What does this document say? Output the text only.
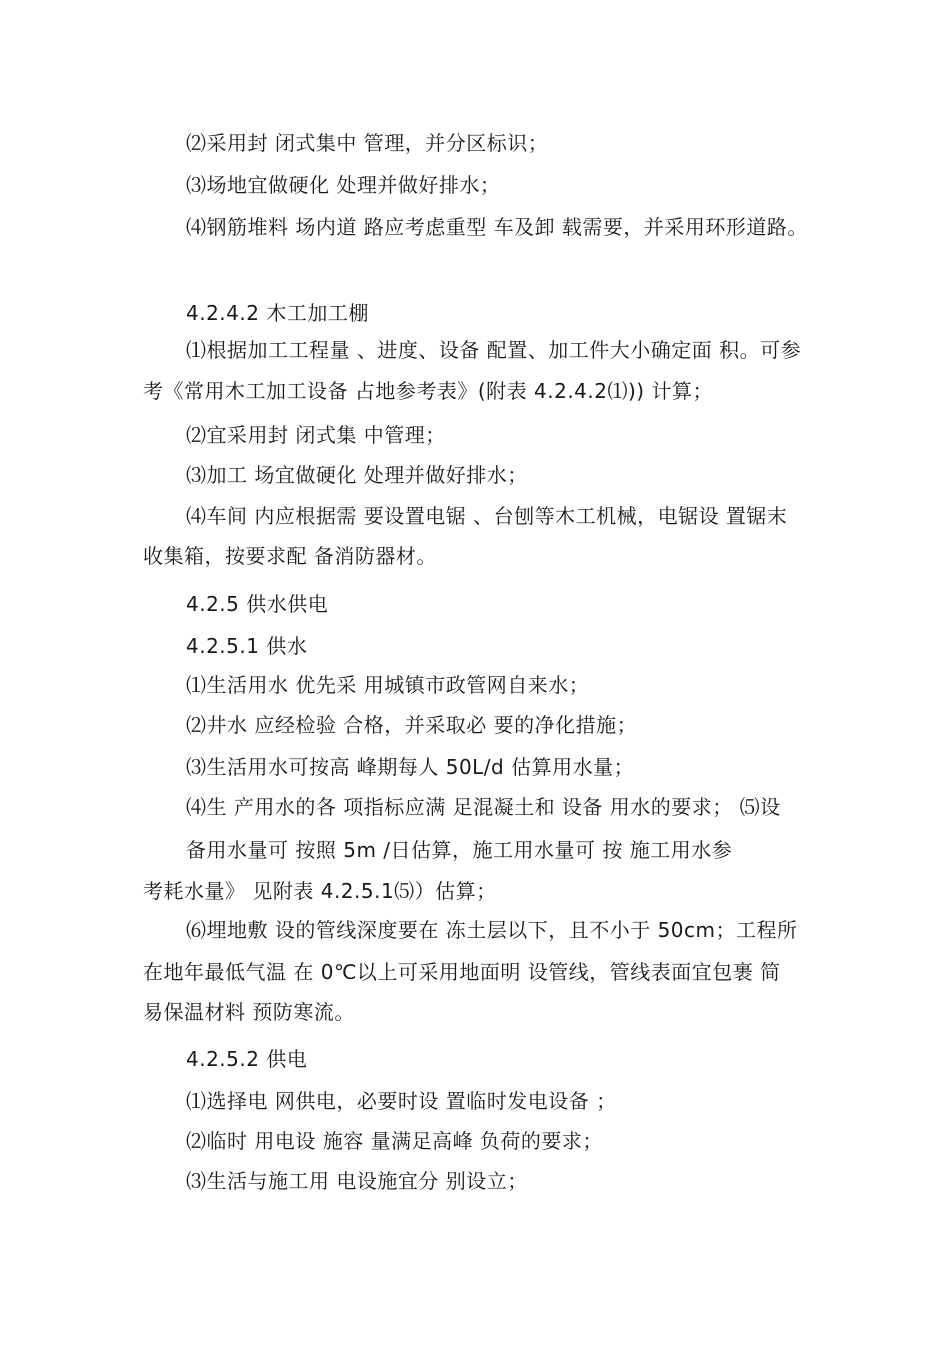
⑵采用封 闭式集中 管理，并分区标识；
⑶场地宜做硬化 处理并做好排水；
⑷钢筋堆料 场内道 路应考虑重型 车及卸 载需要，并采用环形道路。
4.2.4.2 木工加工棚
⑴根据加工工程量 、进度、设备 配置、加工件大小确定面 积。可参
考《常用木工加工设备 占地参考表》(附表 4.2.4.2⑴)) 计算；
⑵宜采用封 闭式集 中管理；
⑶加工 场宜做硬化 处理并做好排水；
⑷车间 内应根据需 要设置电锯 、台刨等木工机械，电锯设 置锯末
收集箱，按要求配 备消防器材。
4.2.5 供水供电
4.2.5.1 供水
⑴生活用水 优先采 用城镇市政管网自来水；
⑵井水 应经检验 合格，并采取必 要的净化措施；
⑶生活用水可按高 峰期每人 50L/d 估算用水量；
⑷生 产用水的各 项指标应满 足混凝土和 设备 用水的要求； ⑸设
备用水量可 按照 5m /日估算，施工用水量可 按 施工用水参
考耗水量》 见附表 4.2.5.1⑸）估算；
⑹埋地敷 设的管线深度要在 冻土层以下，且不小于 50cm；工程所
在地年最低气温 在 0℃以上可采用地面明 设管线，管线表面宜包裹 简
易保温材料 预防寒流。
4.2.5.2 供电
⑴选择电 网供电，必要时设 置临时发电设备 ；
⑵临时 用电设 施容 量满足高峰 负荷的要求；
⑶生活与施工用 电设施宜分 别设立；
